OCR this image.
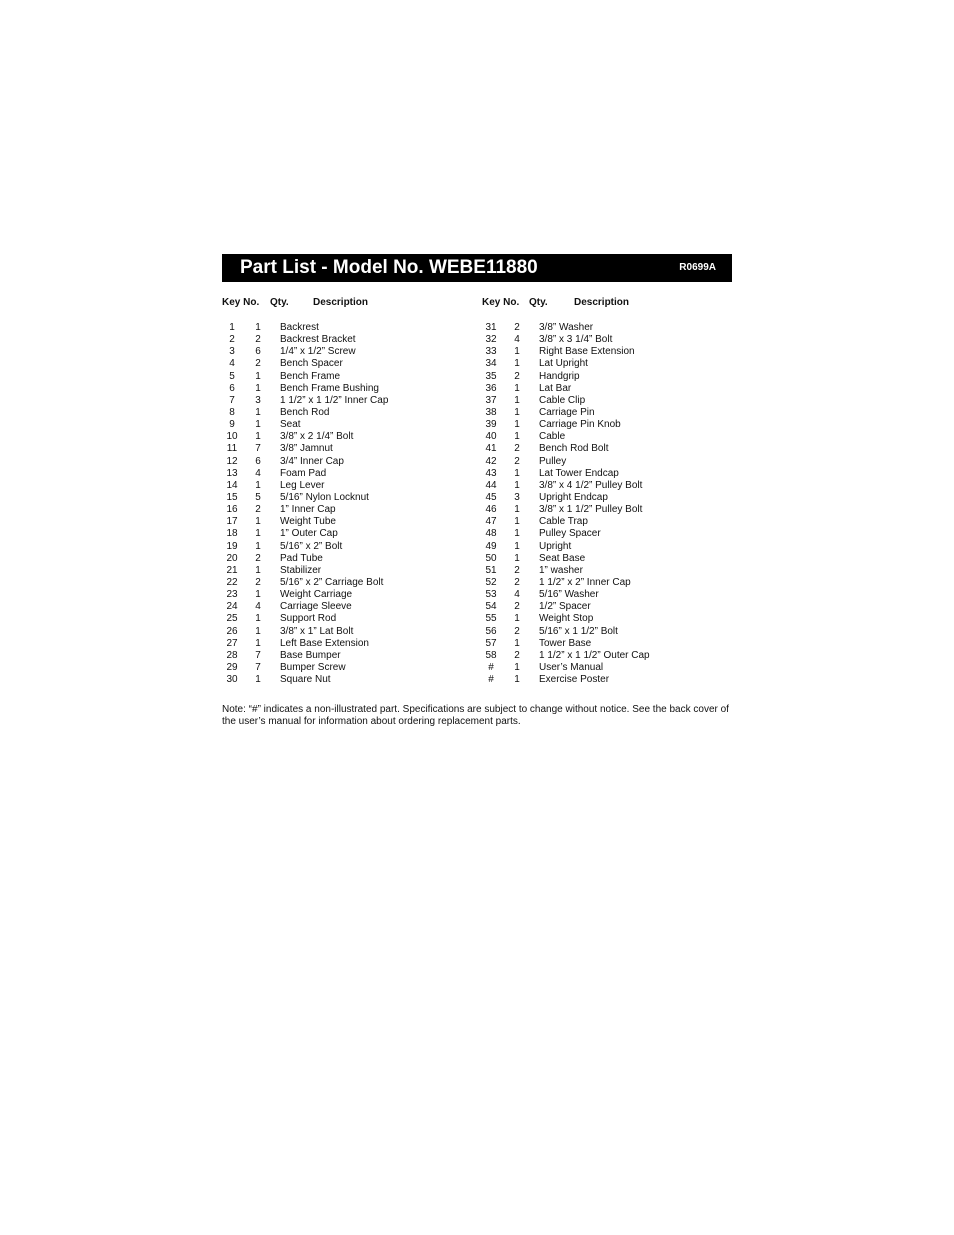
Part List - Model No. WEBE11880	R0699A
Key No. Qty. Description	Key No. Qty.	Description
1	1	Backrest
2	2	Backrest Bracket
3	6	1/4” x 1/2” Screw
4	2	Bench Spacer
5	1	Bench Frame
6	1	Bench Frame Bushing
7	3	1 1/2” x 1 1/2” Inner Cap
8	1	Bench Rod
9	1	Seat
10	1	3/8” x 2 1/4” Bolt
11	7	3/8” Jamnut
12	6	3/4” Inner Cap
13	4	Foam Pad
14	1	Leg Lever
15	5	5/16” Nylon Locknut
16	2	1” Inner Cap
17	1	Weight Tube
18	1	1” Outer Cap
19	1	5/16” x 2” Bolt
20	2	Pad Tube
21	1	Stabilizer
22	2	5/16” x 2” Carriage Bolt
23	1	Weight Carriage
24	4	Carriage Sleeve
25	1	Support Rod
26	1	3/8” x 1” Lat Bolt
27	1	Left Base Extension
28	7	Base Bumper
29	7	Bumper Screw
30	1	Square Nut
31	2	3/8” Washer
32	4	3/8” x 3 1/4” Bolt
33	1	Right Base Extension
34	1	Lat Upright
35	2	Handgrip
36	1	Lat Bar
37	1	Cable Clip
38	1	Carriage Pin
39	1	Carriage Pin Knob
40	1	Cable
41	2	Bench Rod Bolt
42	2	Pulley
43	1	Lat Tower Endcap
44	1	3/8” x 4 1/2” Pulley Bolt
45	3	Upright Endcap
46	1	3/8” x 1 1/2” Pulley Bolt
47	1	Cable Trap
48	1	Pulley Spacer
49	1	Upright
50	1	Seat Base
51	2	1” washer
52	2	1 1/2” x 2” Inner Cap
53	4	5/16” Washer
54	2	1/2” Spacer
55	1	Weight Stop
56	2	5/16” x 1 1/2” Bolt
57	1	Tower Base
58	2	1 1/2” x 1 1/2” Outer Cap
#	1	User’s Manual
#	1	Exercise Poster
Note: “#” indicates a non-illustrated part. Specifications are subject to change without notice. See the back cover of the user’s manual for information about ordering replacement parts.
